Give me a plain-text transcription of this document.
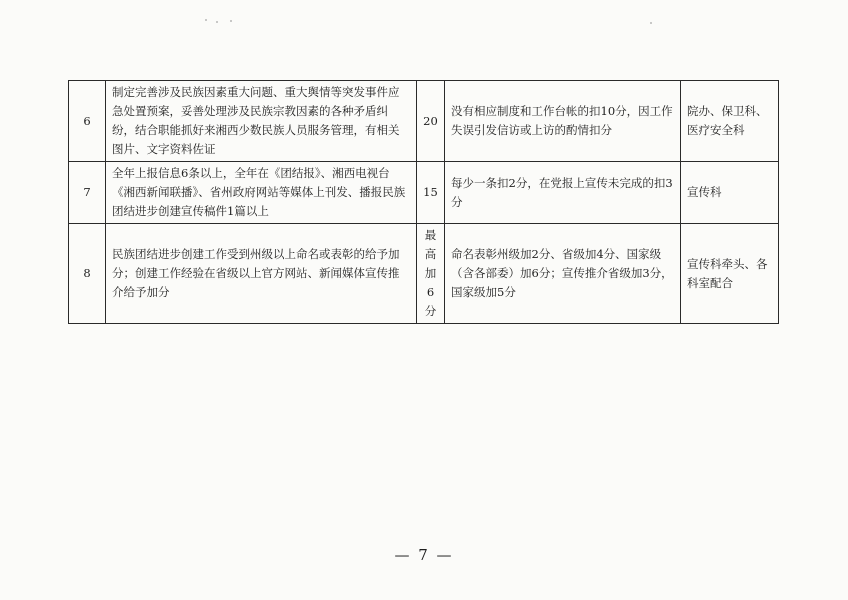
6	制定完善涉及民族因素重大问题、重大舆情等突发事件应急处置预案，妥善处理涉及民族宗教因素的各种矛盾纠纷，结合职能抓好来湘西少数民族人员服务管理，有相关图片、文字资料佐证	20	没有相应制度和工作台帐的扣10分，因工作失误引发信访或上访的酌情扣分	院办、保卫科、医疗安全科
7	全年上报信息6条以上，全年在《团结报》、湘西电视台《湘西新闻联播》、省州政府网站等媒体上刊发、播报民族团结进步创建宣传稿件1篇以上	15	每少一条扣2分，在党报上宣传未完成的扣3分	宣传科
8	民族团结进步创建工作受到州级以上命名或表彰的给予加分；创建工作经验在省级以上官方网站、新闻媒体宣传推介给予加分	最高加6分	命名表彰州级加2分、省级加4分、国家级（含各部委）加6分；宣传推介省级加3分，国家级加5分	宣传科牵头、各科室配合
— 7 —
